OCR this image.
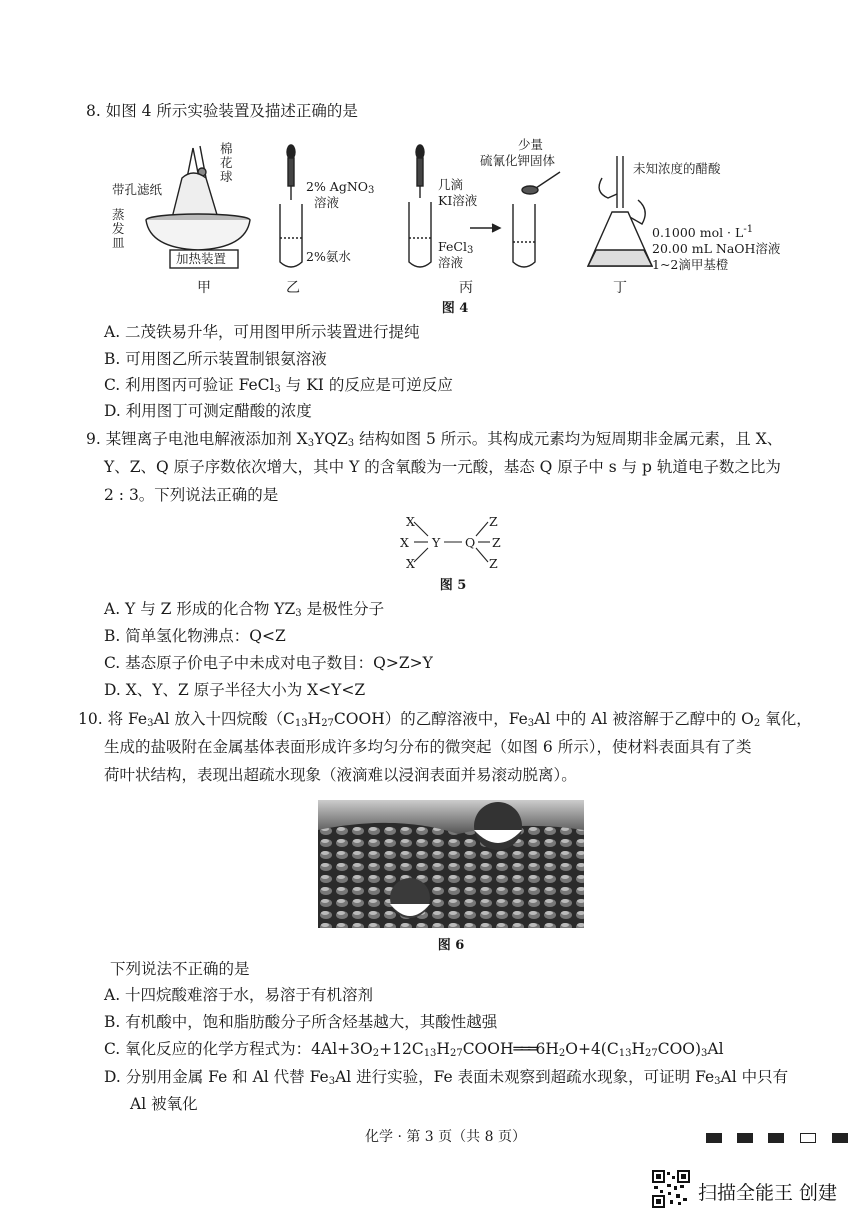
8. 如图 4 所示实验装置及描述正确的是
棉
花
球
带孔滤纸
蒸
发
皿
加热装置
甲
2% AgNO$_3$
溶液
2%氨水
乙
几滴
KI溶液
FeCl$_3$
溶液
少量
硫氰化钾固体
丙
未知浓度的醋酸
0.1000 mol · $L^{-1}$
20.00 mL NaOH溶液
1~2滴甲基橙
丁
图 4
A. 二茂铁易升华，可用图甲所示装置进行提纯
B. 可用图乙所示装置制银氨溶液
C. 利用图丙可验证 FeCl$_3$ 与 KI 的反应是可逆反应
D. 利用图丁可测定醋酸的浓度
9. 某锂离子电池电解液添加剂 $X_3YQZ_3$ 结构如图 5 所示。其构成元素均为短周期非金属元素，且 X、
Y、Z、Q 原子序数依次增大，其中 Y 的含氧酸为一元酸，基态 Q 原子中 s 与 p 轨道电子数之比为
2 : 3。下列说法正确的是
X
X
X
Y Q
Z
Z
Z
图 5
A. Y 与 Z 形成的化合物 $YZ_3$ 是极性分子
B. 简单氢化物沸点：Q<Z
C. 基态原子价电子中未成对电子数目：Q>Z>Y
D. X、Y、Z 原子半径大小为 X<Y<Z
10. 将 $Fe_3Al$ 放入十四烷酸$(C_{13}H_{27}COOH)$的乙醇溶液中，$Fe_3Al$ 中的 Al 被溶解于乙醇中的 $O_2$ 氧化，
生成的盐吸附在金属基体表面形成许多均匀分布的微突起（如图 6 所示），使材料表面具有了类
荷叶状结构，表现出超疏水现象（液滴难以浸润表面并易滚动脱离）。
图 6
下列说法不正确的是
A. 十四烷酸难溶于水，易溶于有机溶剂
B. 有机酸中，饱和脂肪酸分子所含烃基越大，其酸性越强
C. 氧化反应的化学方程式为：$4Al+3O_2+12C_{13}H_{27}COOH═══6H_2O+4(C_{13}H_{27}COO)_3Al$
D. 分别用金属 Fe 和 Al 代替 $Fe_3Al$ 进行实验，Fe 表面未观察到超疏水现象，可证明 $Fe_3Al$ 中只有
Al 被氧化
化学 · 第 3 页（共 8 页）
扫描全能王 创建
